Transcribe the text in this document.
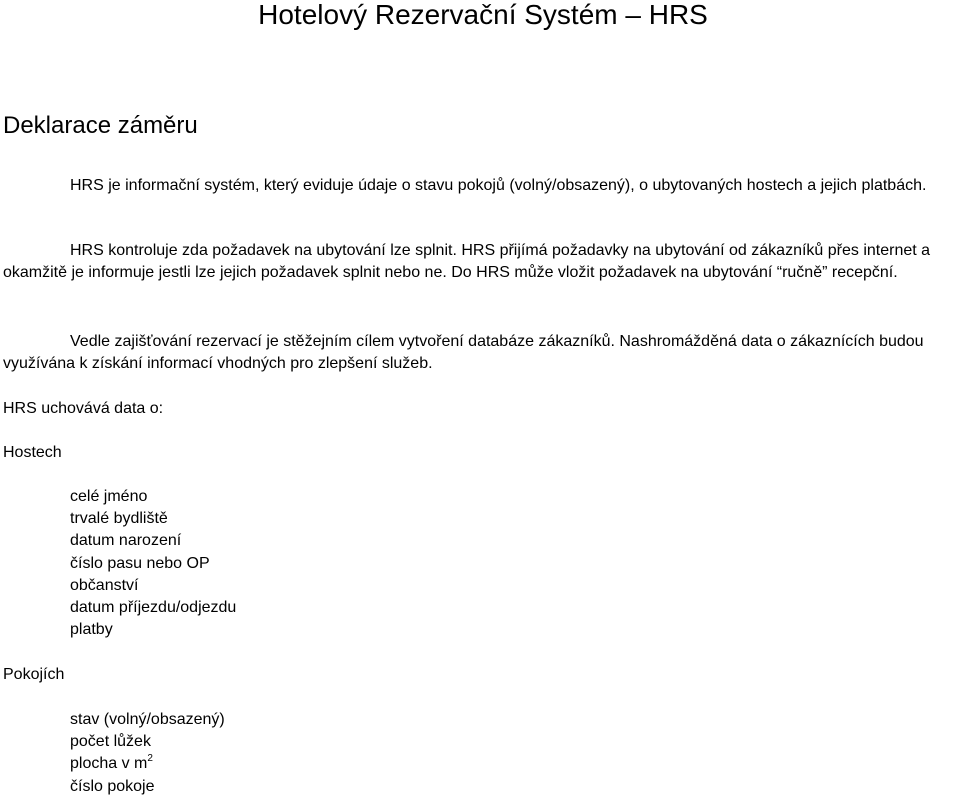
Hotelový Rezervační Systém – HRS
Deklarace záměru

HRS je informační systém, který eviduje údaje o stavu pokojů (volný/obsazený), o ubytovaných hostech a jejich platbách.

HRS kontroluje zda požadavek na ubytování lze splnit. HRS přijímá požadavky na ubytování od zákazníků přes internet a okamžitě je informuje jestli lze jejich požadavek splnit nebo ne. Do HRS může vložit požadavek na ubytování “ručně” recepční.

Vedle zajišťování rezervací je stěžejním cílem vytvoření databáze zákazníků. Nashromážděná data o zákaznících budou využívána k získání informací vhodných pro zlepšení služeb.

HRS uchovává data o:

Hostech

celé jméno
trvalé bydliště
datum narození
číslo pasu nebo OP
občanství
datum příjezdu/odjezdu
platby

Pokojích

stav (volný/obsazený)
počet lůžek
plocha v $m^2$
číslo pokoje
